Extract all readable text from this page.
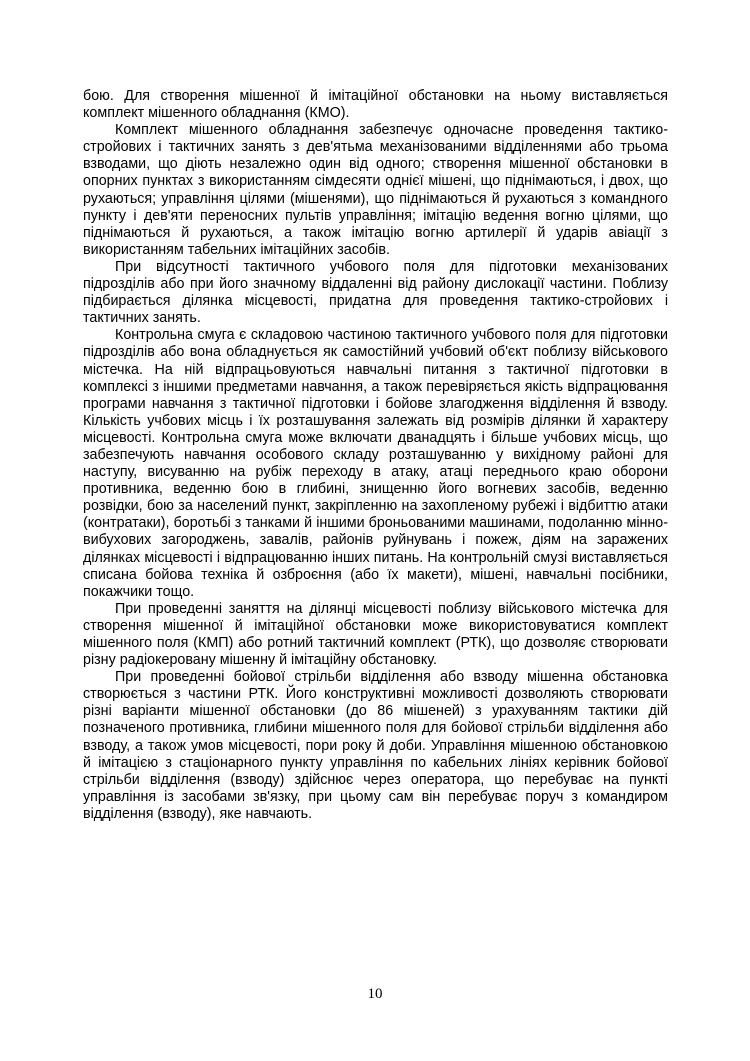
бою. Для створення мішенної й імітаційної обстановки на ньому виставляється комплект мішенного обладнання (КМО).

Комплект мішенного обладнання забезпечує одночасне проведення тактико-стройових і тактичних занять з дев'ятьма механізованими відділеннями або трьома взводами, що діють незалежно один від одного; створення мішенної обстановки в опорних пунктах з використанням сімдесяти однієї мішені, що піднімаються, і двох, що рухаються; управління цілями (мішенями), що піднімаються й рухаються з командного пункту і дев'яти переносних пультів управління; імітацію ведення вогню цілями, що піднімаються й рухаються, а також імітацію вогню артилерії й ударів авіації з використанням табельних імітаційних засобів.

При відсутності тактичного учбового поля для підготовки механізованих підрозділів або при його значному віддаленні від району дислокації частини. Поблизу підбирається ділянка місцевості, придатна для проведення тактико-стройових і тактичних занять.

Контрольна смуга є складовою частиною тактичного учбового поля для підготовки підрозділів або вона обладнується як самостійний учбовий об'єкт поблизу військового містечка. На ній відпрацьовуються навчальні питання з тактичної підготовки в комплексі з іншими предметами навчання, а також перевіряється якість відпрацювання програми навчання з тактичної підготовки і бойове злагодження відділення й взводу. Кількість учбових місць і їх розташування залежать від розмірів ділянки й характеру місцевості. Контрольна смуга може включати дванадцять і більше учбових місць, що забезпечують навчання особового складу розташуванню у вихідному районі для наступу, висуванню на рубіж переходу в атаку, атаці переднього краю оборони противника, веденню бою в глибині, знищенню його вогневих засобів, веденню розвідки, бою за населений пункт, закріпленню на захопленому рубежі і відбиттю атаки (контратаки), боротьбі з танками й іншими броньованими машинами, подоланню мінно-вибухових загороджень, завалів, районів руйнувань і пожеж, діям на заражених ділянках місцевості і відпрацюванню інших питань. На контрольній смузі виставляється списана бойова техніка й озброєння (або їх макети), мішені, навчальні посібники, покажчики тощо.

При проведенні заняття на ділянці місцевості поблизу військового містечка для створення мішенної й імітаційної обстановки може використовуватися комплект мішенного поля (КМП) або ротний тактичний комплект (РТК), що дозволяє створювати різну радіокеровану мішенну й імітаційну обстановку.

При проведенні бойової стрільби відділення або взводу мішенна обстановка створюється з частини РТК. Його конструктивні можливості дозволяють створювати різні варіанти мішенної обстановки (до 86 мішеней) з урахуванням тактики дій позначеного противника, глибини мішенного поля для бойової стрільби відділення або взводу, а також умов місцевості, пори року й доби. Управління мішенною обстановкою й імітацією з стаціонарного пункту управління по кабельних лініях керівник бойової стрільби відділення (взводу) здійснює через оператора, що перебуває на пункті управління із засобами зв'язку, при цьому сам він перебуває поруч з командиром відділення (взводу), яке навчають.

10
